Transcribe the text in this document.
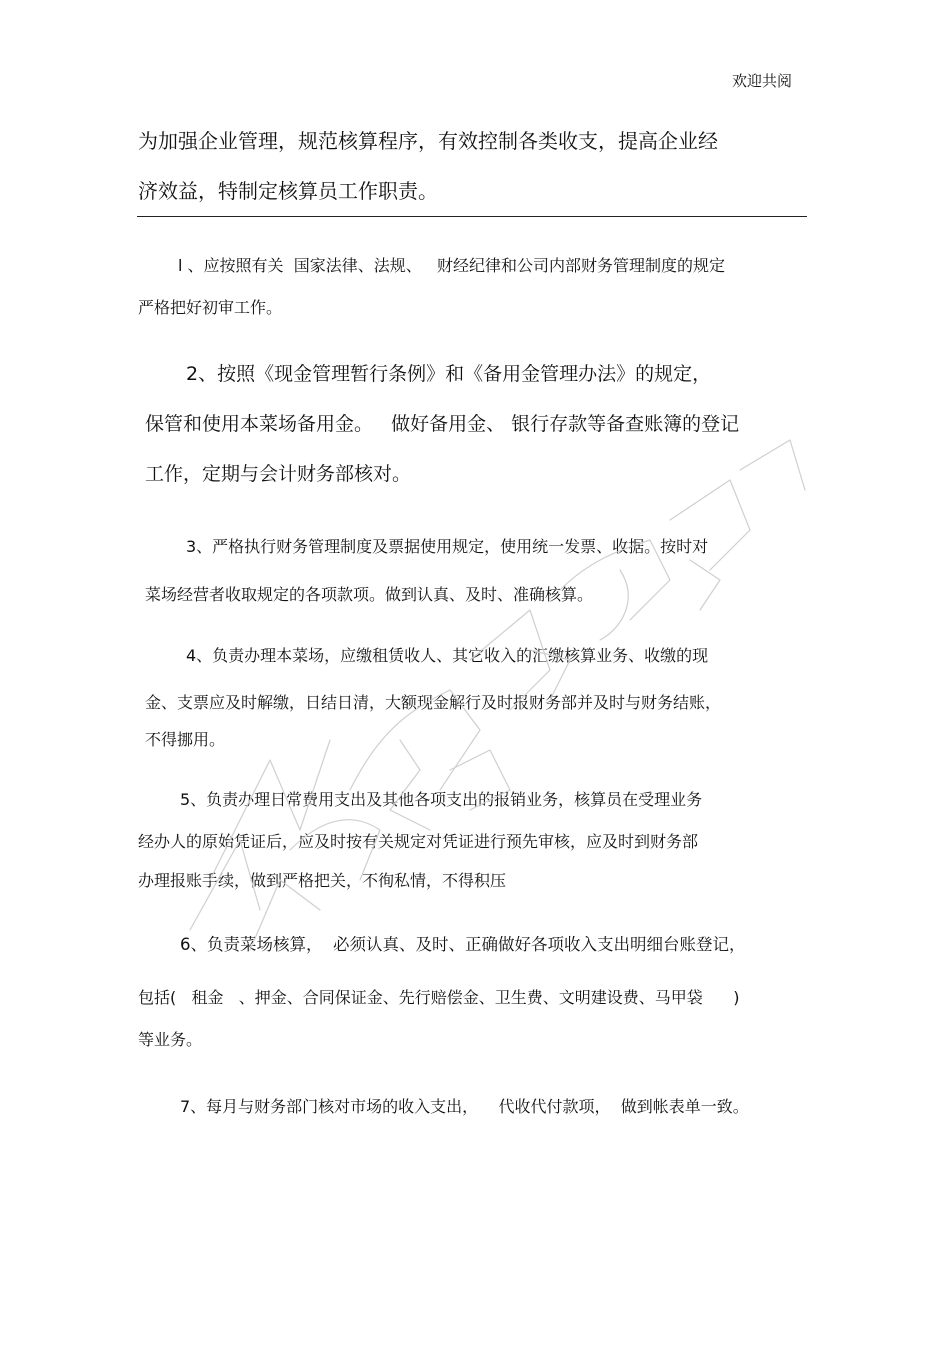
欢迎共阅
为加强企业管理，规范核算程序，有效控制各类收支，提高企业经
济效益，特制定核算员工作职责。
l 、应按照有关  国家法律、法规、   财经纪律和公司内部财务管理制度的规定
严格把好初审工作。
2、按照《现金管理暂行条例》和《备用金管理办法》的规定，
保管和使用本菜场备用金。   做好备用金、 银行存款等备查账簿的登记
工作，定期与会计财务部核对。
3、严格执行财务管理制度及票据使用规定，使用统一发票、收据。按时对
菜场经营者收取规定的各项款项。做到认真、及时、准确核算。
4、负责办理本菜场，应缴租赁收人、其它收入的汇缴核算业务、收缴的现
金、支票应及时解缴，日结日清，大额现金解行及时报财务部并及时与财务结账，
不得挪用。
5、负责办理日常费用支出及其他各项支出的报销业务，核算员在受理业务
经办人的原始凭证后，应及时按有关规定对凭证进行预先审核，应及时到财务部
办理报账手续，做到严格把关，不徇私情，不得积压
6、负责菜场核算，  必须认真、及时、正确做好各项收入支出明细台账登记，
包括(   租金   、押金、合同保证金、先行赔偿金、卫生费、文明建设费、马甲袋      )
等业务。
7、每月与财务部门核对市场的收入支出，    代收代付款项，  做到帐表单一致。
